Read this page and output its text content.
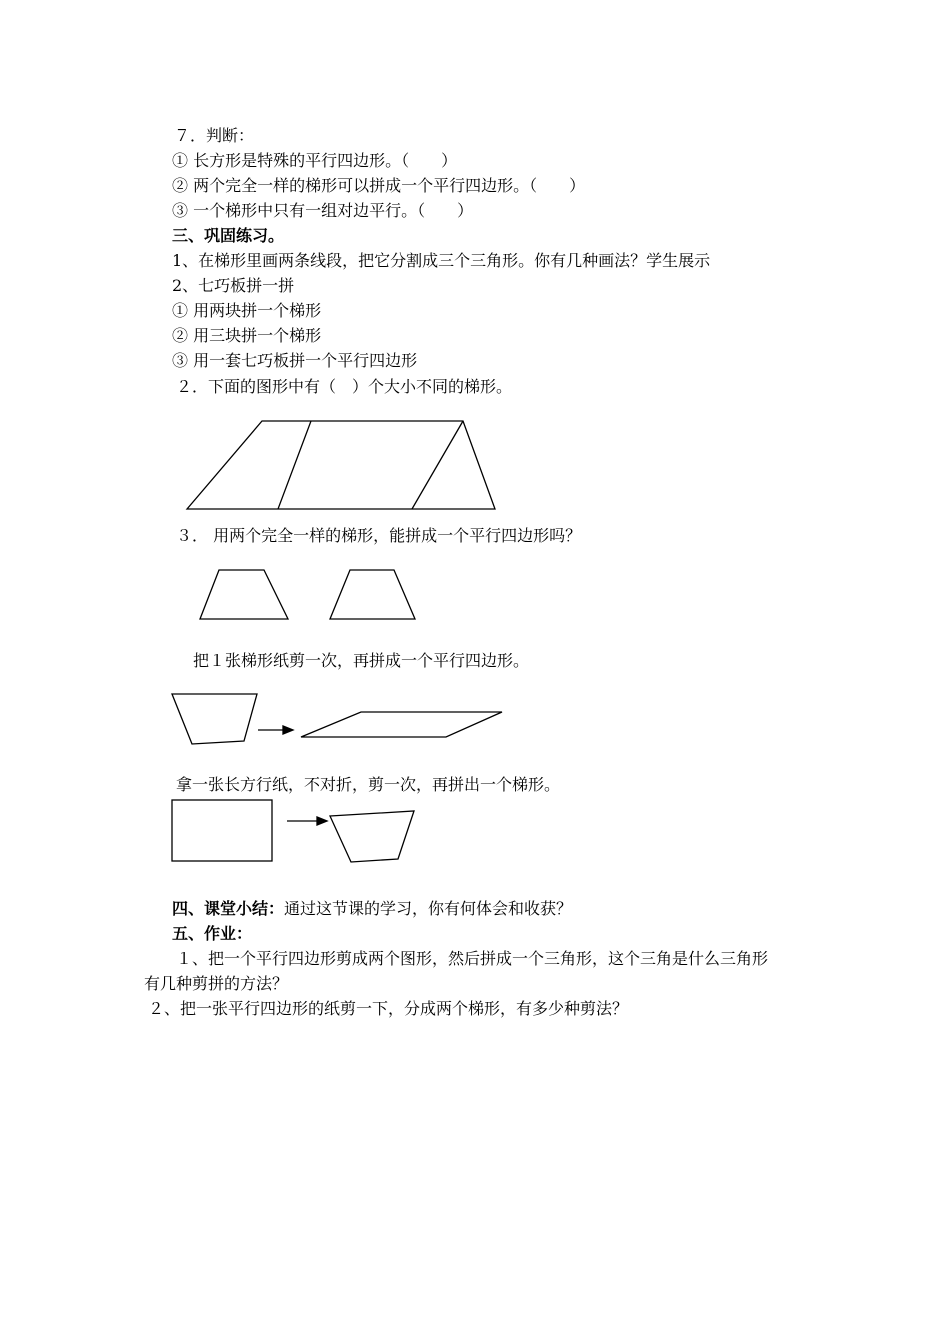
７．判断：

① 长方形是特殊的平行四边形。（　　）

② 两个完全一样的梯形可以拼成一个平行四边形。（　　）

③ 一个梯形中只有一组对边平行。（　　）

三、巩固练习。

1、在梯形里画两条线段，把它分割成三个三角形。你有几种画法？学生展示

2、七巧板拼一拼

① 用两块拼一个梯形

② 用三块拼一个梯形

③ 用一套七巧板拼一个平行四边形

２．下面的图形中有（　）个大小不同的梯形。

３． 用两个完全一样的梯形，能拼成一个平行四边形吗？

把１张梯形纸剪一次，再拼成一个平行四边形。

拿一张长方行纸，不对折，剪一次，再拼出一个梯形。

四、课堂小结：通过这节课的学习，你有何体会和收获？

五、作业：

１、把一个平行四边形剪成两个图形，然后拼成一个三角形，这个三角是什么三角形

有几种剪拼的方法？

２、把一张平行四边形的纸剪一下，分成两个梯形，有多少种剪法？
